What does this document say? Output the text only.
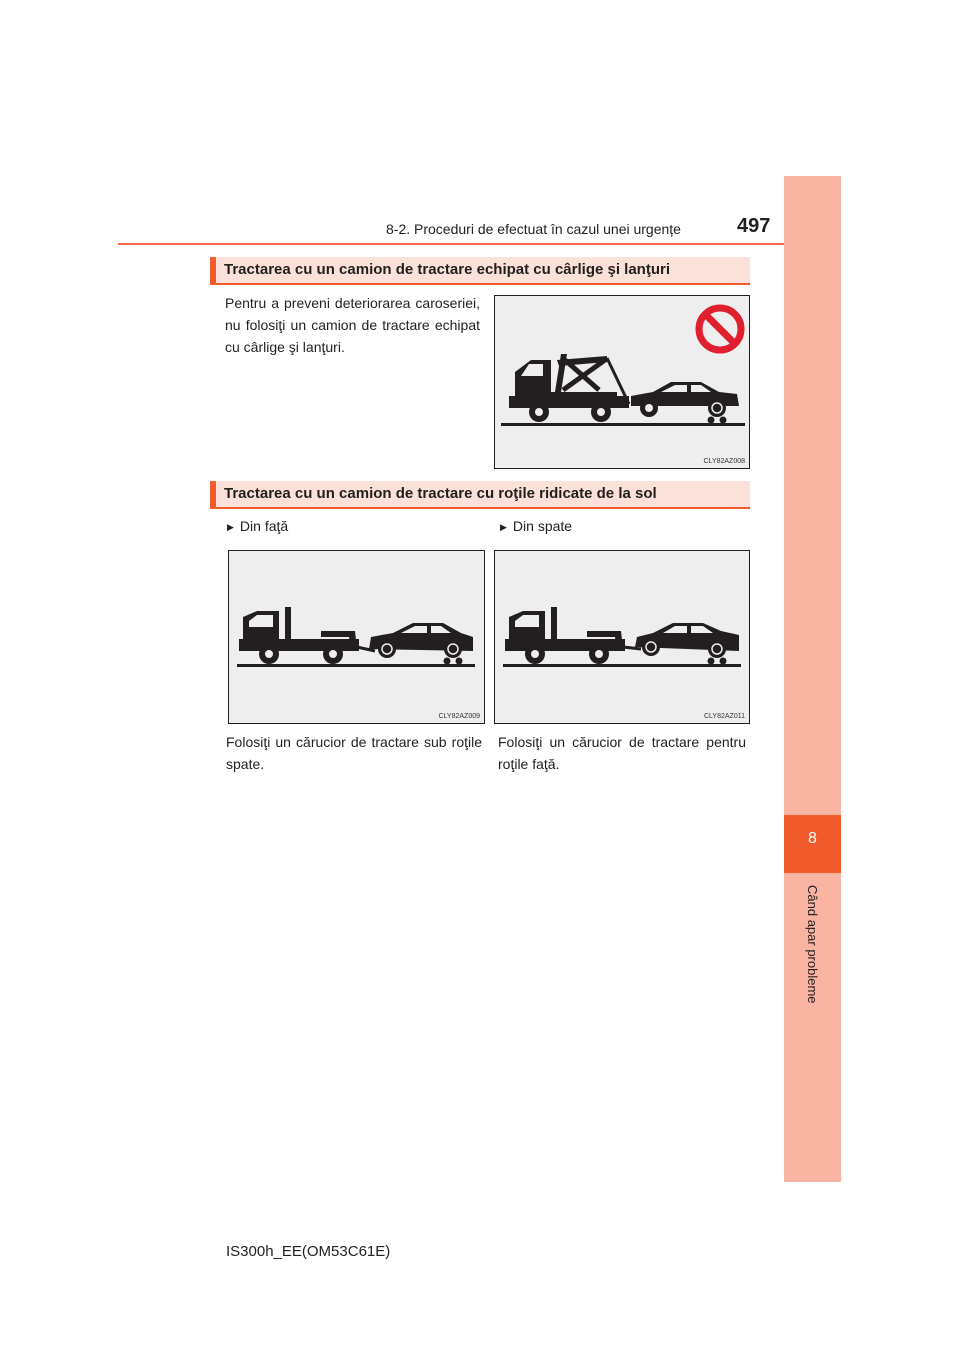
8-2. Proceduri de efectuat în cazul unei urgențe	497
8
Când apar probleme
Tractarea cu un camion de tractare echipat cu cârlige şi lanţuri
Pentru a preveni deteriorarea caroseriei, nu folosiţi un camion de tractare echipat cu cârlige şi lanţuri.
CLY82AZ008
Tractarea cu un camion de tractare cu roţile ridicate de la sol
▶ Din faţă	▶ Din spate
CLY82AZ009	CLY82AZ011
Folosiţi un cărucior de tractare sub roţile spate.
Folosiţi un cărucior de tractare pentru roţile faţă.
IS300h_EE(OM53C61E)
